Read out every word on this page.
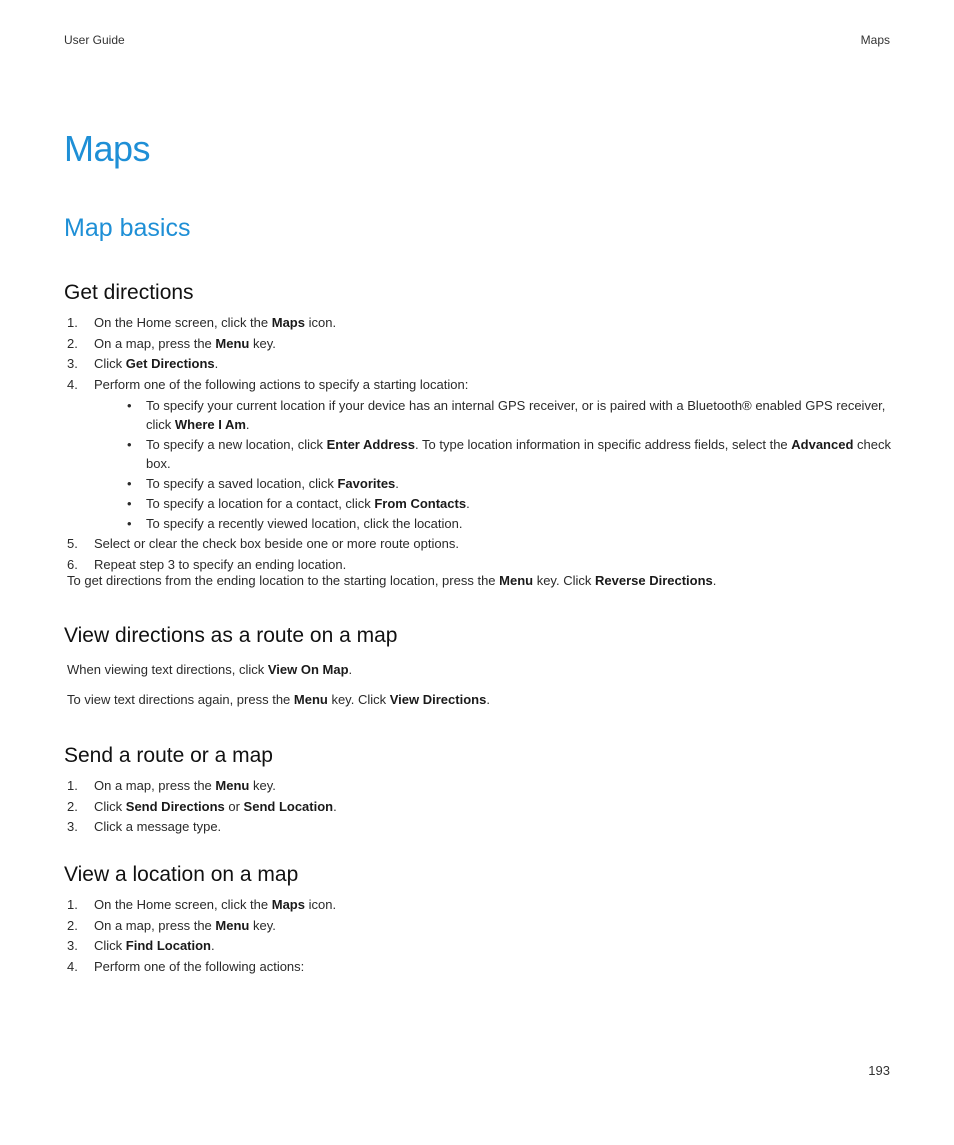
User Guide	Maps
Maps
Map basics
Get directions
1. On the Home screen, click the Maps icon.
2. On a map, press the Menu key.
3. Click Get Directions.
4. Perform one of the following actions to specify a starting location:
• To specify your current location if your device has an internal GPS receiver, or is paired with a Bluetooth® enabled GPS receiver, click Where I Am.
• To specify a new location, click Enter Address. To type location information in specific address fields, select the Advanced check box.
• To specify a saved location, click Favorites.
• To specify a location for a contact, click From Contacts.
• To specify a recently viewed location, click the location.
5. Select or clear the check box beside one or more route options.
6. Repeat step 3 to specify an ending location.

To get directions from the ending location to the starting location, press the Menu key. Click Reverse Directions.

View directions as a route on a map

When viewing text directions, click View On Map.

To view text directions again, press the Menu key. Click View Directions.

Send a route or a map
1. On a map, press the Menu key.
2. Click Send Directions or Send Location.
3. Click a message type.
View a location on a map
1. On the Home screen, click the Maps icon.
2. On a map, press the Menu key.
3. Click Find Location.
4. Perform one of the following actions:
193
